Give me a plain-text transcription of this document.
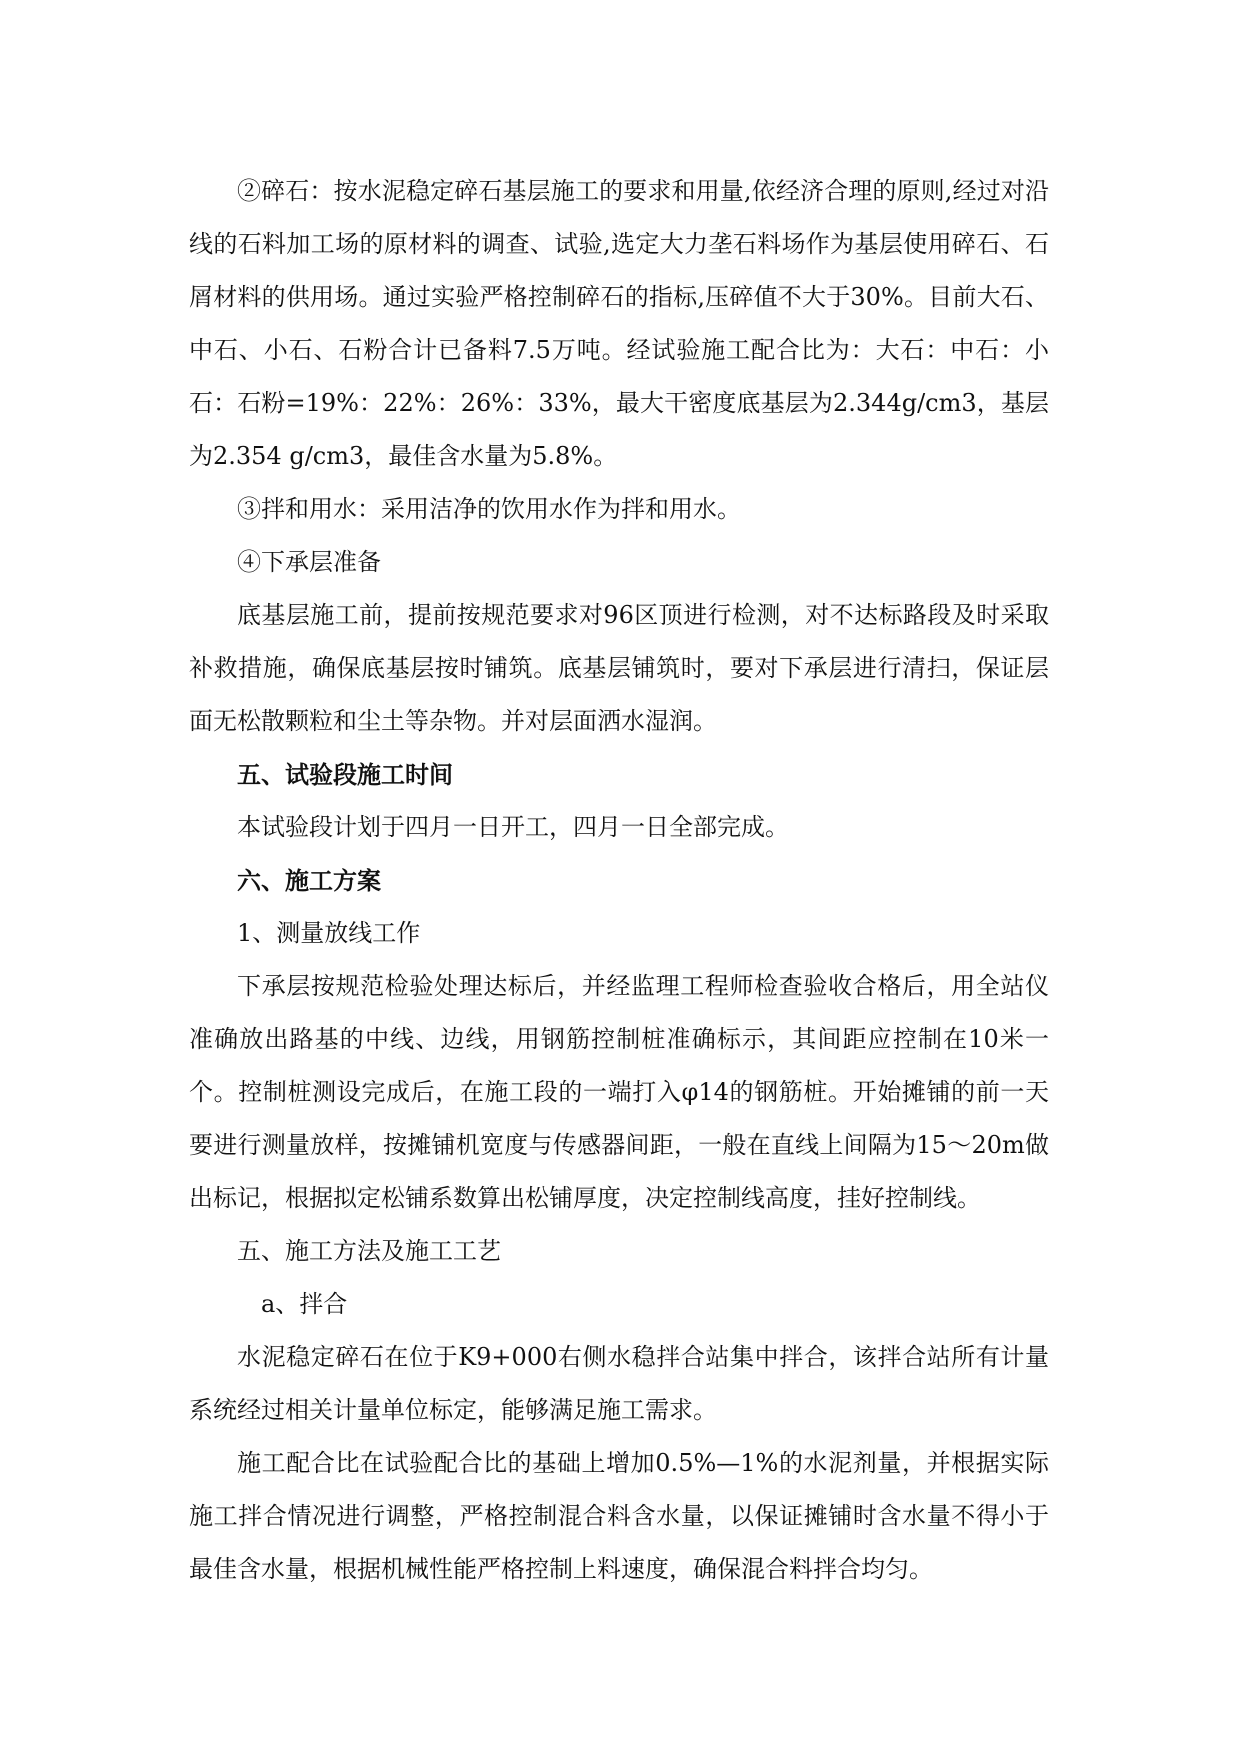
②碎石：按水泥稳定碎石基层施工的要求和用量,依经济合理的原则,经过对沿线的石料加工场的原材料的调查、试验,选定大力垄石料场作为基层使用碎石、石屑材料的供用场。通过实验严格控制碎石的指标,压碎值不大于30%。目前大石、中石、小石、石粉合计已备料7.5万吨。经试验施工配合比为：大石：中石：小石：石粉=19%：22%：26%：33%，最大干密度底基层为2.344g/cm3，基层为2.354 g/cm3，最佳含水量为5.8%。

③拌和用水：采用洁净的饮用水作为拌和用水。

④下承层准备

底基层施工前，提前按规范要求对96区顶进行检测，对不达标路段及时采取补救措施，确保底基层按时铺筑。底基层铺筑时，要对下承层进行清扫，保证层面无松散颗粒和尘土等杂物。并对层面洒水湿润。

五、试验段施工时间

本试验段计划于四月一日开工，四月一日全部完成。

六、施工方案

1、测量放线工作

下承层按规范检验处理达标后，并经监理工程师检查验收合格后，用全站仪准确放出路基的中线、边线，用钢筋控制桩准确标示，其间距应控制在10米一个。控制桩测设完成后，在施工段的一端打入φ14的钢筋桩。开始摊铺的前一天要进行测量放样，按摊铺机宽度与传感器间距，一般在直线上间隔为15～20m做出标记，根据拟定松铺系数算出松铺厚度，决定控制线高度，挂好控制线。

五、施工方法及施工工艺

a、拌合

水泥稳定碎石在位于K9+000右侧水稳拌合站集中拌合，该拌合站所有计量系统经过相关计量单位标定，能够满足施工需求。

施工配合比在试验配合比的基础上增加0.5%—1%的水泥剂量，并根据实际施工拌合情况进行调整，严格控制混合料含水量，以保证摊铺时含水量不得小于最佳含水量，根据机械性能严格控制上料速度，确保混合料拌合均匀。
